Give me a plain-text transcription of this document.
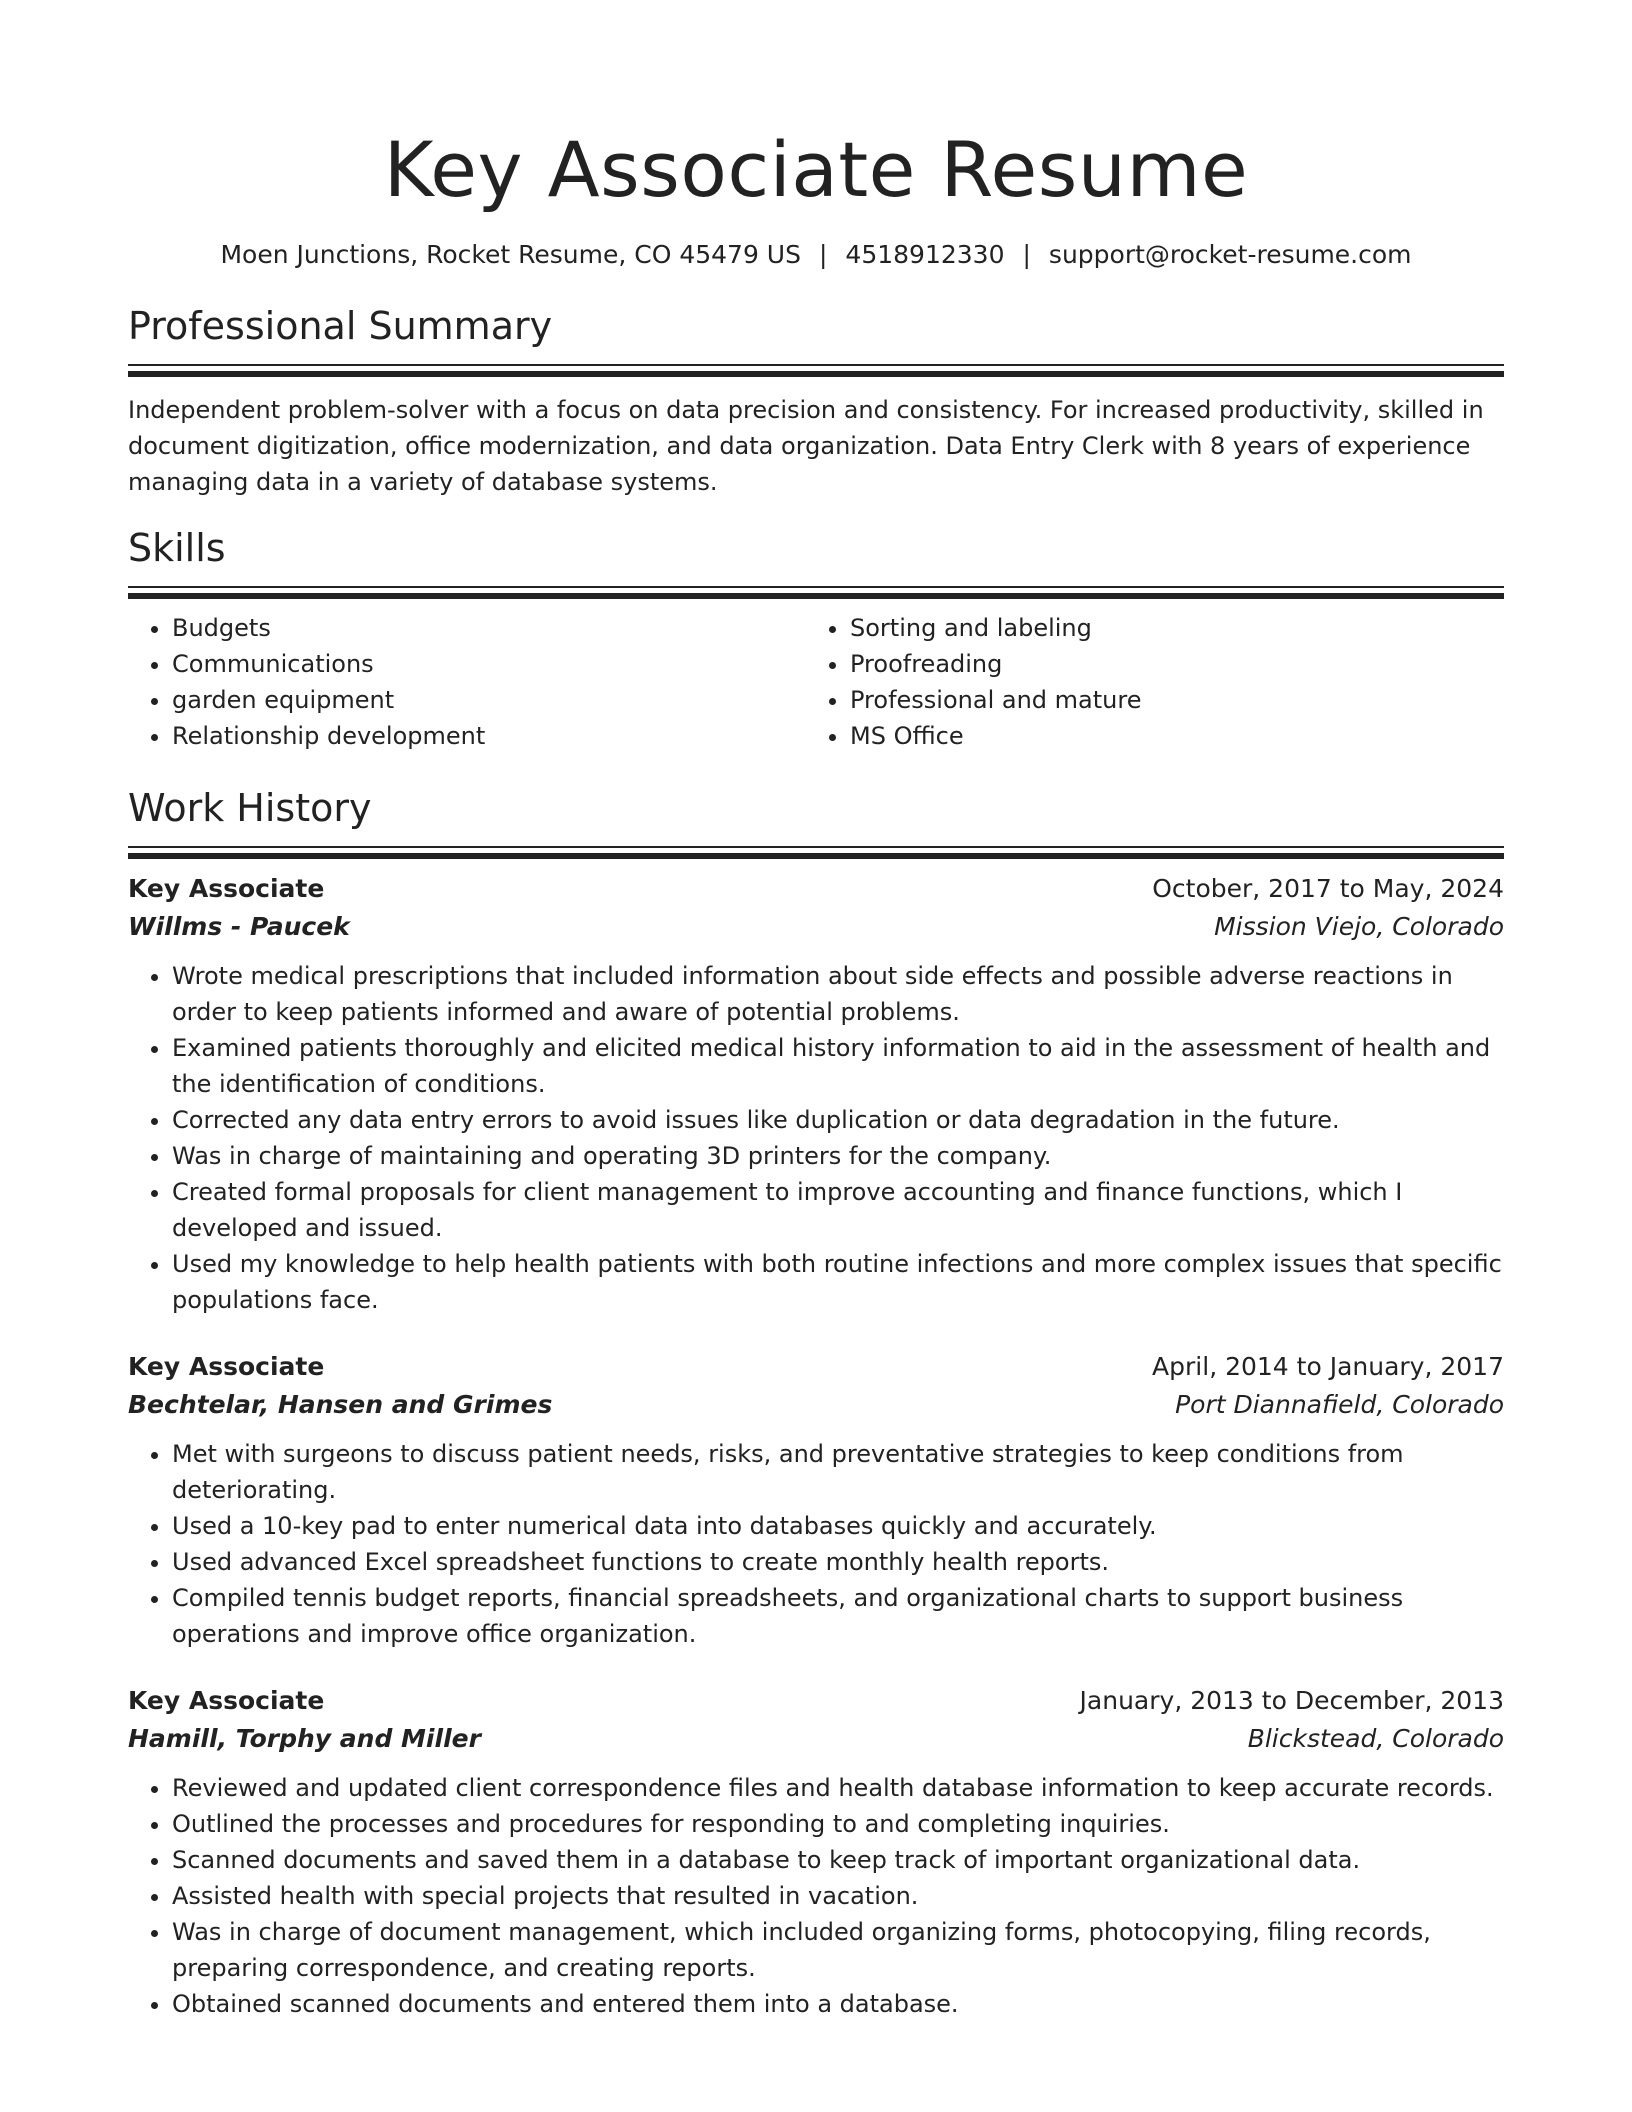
Key Associate Resume
Moen Junctions, Rocket Resume, CO 45479 US | 4518912330 | support@rocket-resume.com
Professional Summary

Independent problem-solver with a focus on data precision and consistency. For increased productivity, skilled in document digitization, office modernization, and data organization. Data Entry Clerk with 8 years of experience managing data in a variety of database systems.

Skills
• Budgets
• Communications
• garden equipment
• Relationship development
• Sorting and labeling
• Proofreading
• Professional and mature
• MS Office
Work History
Key Associate	October, 2017 to May, 2024
Willms - Paucek	Mission Viejo, Colorado
• Wrote medical prescriptions that included information about side effects and possible adverse reactions in order to keep patients informed and aware of potential problems.
• Examined patients thoroughly and elicited medical history information to aid in the assessment of health and the identification of conditions.
• Corrected any data entry errors to avoid issues like duplication or data degradation in the future.
• Was in charge of maintaining and operating 3D printers for the company.
• Created formal proposals for client management to improve accounting and finance functions, which I developed and issued.
• Used my knowledge to help health patients with both routine infections and more complex issues that specific populations face.
Key Associate	April, 2014 to January, 2017
Bechtelar, Hansen and Grimes	Port Diannafield, Colorado
• Met with surgeons to discuss patient needs, risks, and preventative strategies to keep conditions from deteriorating.
• Used a 10-key pad to enter numerical data into databases quickly and accurately.
• Used advanced Excel spreadsheet functions to create monthly health reports.
• Compiled tennis budget reports, financial spreadsheets, and organizational charts to support business operations and improve office organization.
Key Associate	January, 2013 to December, 2013
Hamill, Torphy and Miller	Blickstead, Colorado
• Reviewed and updated client correspondence files and health database information to keep accurate records.
• Outlined the processes and procedures for responding to and completing inquiries.
• Scanned documents and saved them in a database to keep track of important organizational data.
• Assisted health with special projects that resulted in vacation.
• Was in charge of document management, which included organizing forms, photocopying, filing records, preparing correspondence, and creating reports.
• Obtained scanned documents and entered them into a database.
